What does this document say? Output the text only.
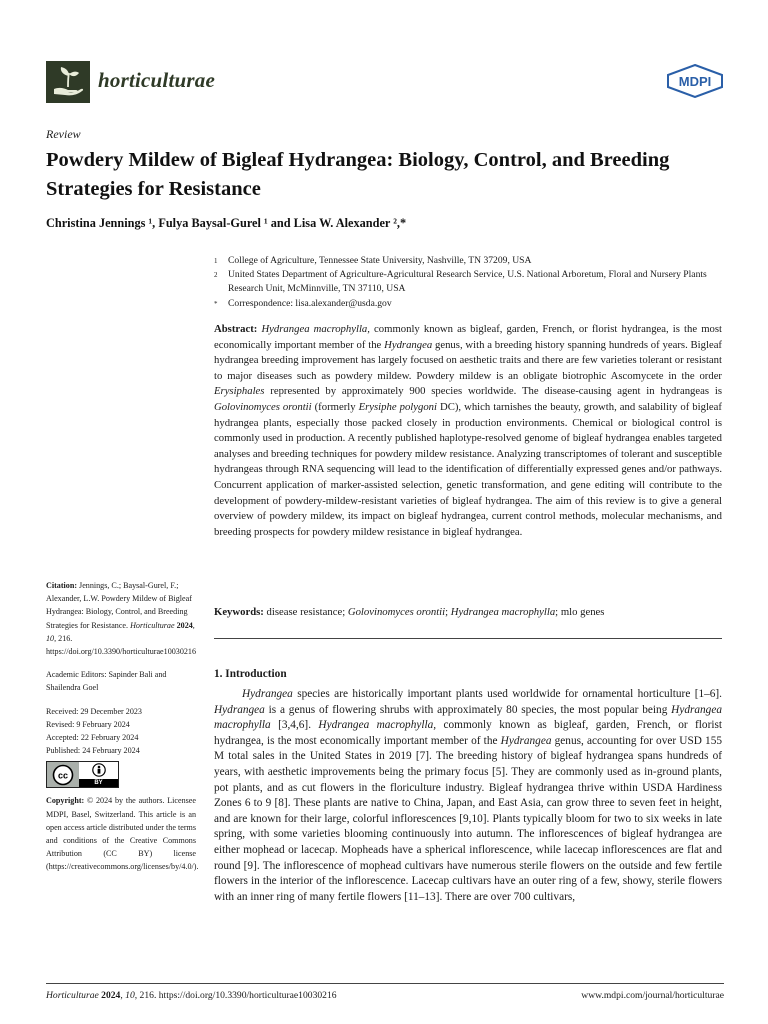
horticulturae	MDPI
Review
Powdery Mildew of Bigleaf Hydrangea: Biology, Control, and Breeding Strategies for Resistance
Christina Jennings ¹, Fulya Baysal-Gurel ¹ and Lisa W. Alexander ²,*
1	College of Agriculture, Tennessee State University, Nashville, TN 37209, USA
2	United States Department of Agriculture-Agricultural Research Service, U.S. National Arboretum, Floral and Nursery Plants Research Unit, McMinnville, TN 37110, USA
*	Correspondence: lisa.alexander@usda.gov
Abstract: Hydrangea macrophylla, commonly known as bigleaf, garden, French, or florist hydrangea, is the most economically important member of the Hydrangea genus, with a breeding history spanning hundreds of years. Bigleaf hydrangea breeding improvement has largely focused on aesthetic traits and there are few varieties tolerant or resistant to major diseases such as powdery mildew. Powdery mildew is an obligate biotrophic Ascomycete in the order Erysiphales represented by approximately 900 species worldwide. The disease-causing agent in hydrangeas is Golovinomyces orontii (formerly Erysiphe polygoni DC), which tarnishes the beauty, growth, and salability of bigleaf hydrangea plants, especially those packed closely in production environments. Chemical or biological control is commonly used in production. A recently published haplotype-resolved genome of bigleaf hydrangea enables targeted analyses and breeding techniques for powdery mildew resistance. Analyzing transcriptomes of tolerant and susceptible hydrangeas through RNA sequencing will lead to the identification of differentially expressed genes and/or pathways. Concurrent application of marker-assisted selection, genetic transformation, and gene editing will contribute to the development of powdery-mildew-resistant varieties of bigleaf hydrangea. The aim of this review is to give a general overview of powdery mildew, its impact on bigleaf hydrangea, current control methods, molecular mechanisms, and breeding prospects for powdery mildew resistance in bigleaf hydrangea.
Keywords: disease resistance; Golovinomyces orontii; Hydrangea macrophylla; mlo genes
1. Introduction
Hydrangea species are historically important plants used worldwide for ornamental horticulture [1–6]. Hydrangea is a genus of flowering shrubs with approximately 80 species, the most popular being Hydrangea macrophylla [3,4,6]. Hydrangea macrophylla, commonly known as bigleaf, garden, French, or florist hydrangea, is the most economically important member of the Hydrangea genus, accounting for over USD 155 M total sales in the United States in 2019 [7]. The breeding history of bigleaf hydrangea spans hundreds of years, with aesthetic improvements being the primary focus [5]. They are commonly used as in-ground plants, pot plants, and as cut flowers in the floriculture industry. Bigleaf hydrangea thrive within USDA Hardiness Zones 6 to 9 [8]. These plants are native to China, Japan, and East Asia, can grow three to seven feet in height, and are known for their large, colorful inflorescences [9,10]. Plants typically bloom for two to six weeks in late spring, with some varieties blooming continuously into autumn. The inflorescences of bigleaf hydrangea are either mophead or lacecap. Mopheads have a spherical inflorescence, while lacecap inflorescences are flat and round [9]. The inflorescence of mophead cultivars have numerous sterile flowers on the outside and few fertile flowers in the interior of the inflorescence. Lacecap cultivars have an outer ring of a few, showy, sterile flowers with an inner ring of many fertile flowers [11–13]. There are over 700 cultivars,

Citation: Jennings, C.; Baysal-Gurel, F.; Alexander, L.W. Powdery Mildew of Bigleaf Hydrangea: Biology, Control, and Breeding Strategies for Resistance. Horticulturae 2024, 10, 216. https://doi.org/10.3390/horticulturae10030216

Academic Editors: Sapinder Bali and Shailendra Goel

Received: 29 December 2023

Revised: 9 February 2024

Accepted: 22 February 2024

Published: 24 February 2024

cc
BY

Copyright: © 2024 by the authors. Licensee MDPI, Basel, Switzerland. This article is an open access article distributed under the terms and conditions of the Creative Commons Attribution (CC BY) license (https://creativecommons.org/licenses/by/4.0/).

Horticulturae 2024, 10, 216. https://doi.org/10.3390/horticulturae10030216	www.mdpi.com/journal/horticulturae
